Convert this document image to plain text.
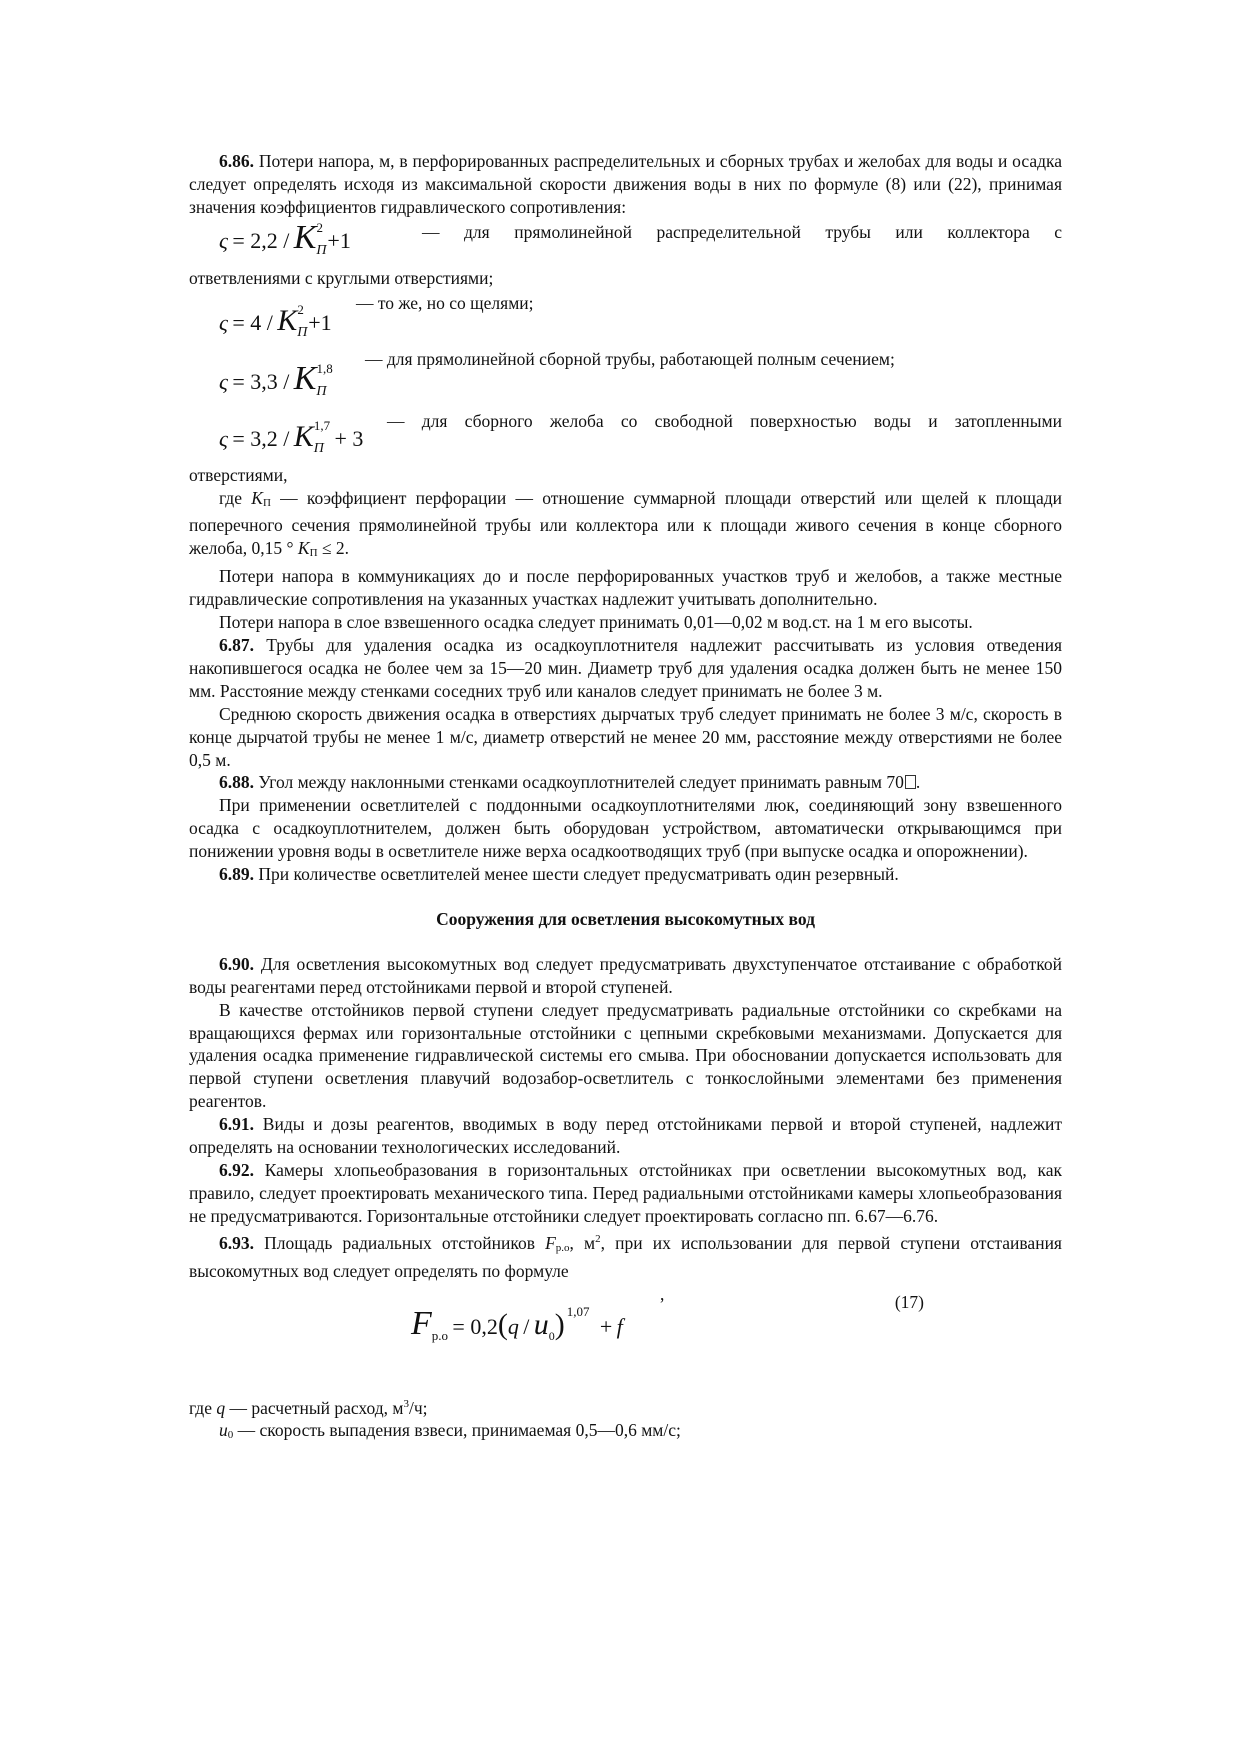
6.86. Потери напора, м, в перфорированных распределительных и сборных трубах и желобах для воды и осадка следует определять исходя из максимальной скорости движения воды в них по формуле (8) или (22), принимая значения коэффициентов гидравлического сопротивления:

— для прямолинейной распределительной трубы или коллектора с
$\varsigma = 2,2 / K_П^2 +1$

ответвлениями с круглыми отверстиями;

— то же, но со щелями;
$\varsigma = 4 / K_П^2 +1$
— для прямолинейной сборной трубы, работающей полным сечением;
$\varsigma = 3,3 / K_П^{1,8}$
— для сборного желоба со свободной поверхностью воды и затопленными
$\varsigma = 3,2 / K_П^{1,7} + 3$

отверстиями,

где KП — коэффициент перфорации — отношение суммарной площади отверстий или щелей к площади поперечного сечения прямолинейной трубы или коллектора или к площади живого сечения в конце сборного желоба, 0,15 ° KП ≤ 2.

Потери напора в коммуникациях до и после перфорированных участков труб и желобов, а также местные гидравлические сопротивления на указанных участках надлежит учитывать дополнительно.

Потери напора в слое взвешенного осадка следует принимать 0,01—0,02 м вод.ст. на 1 м его высоты.

6.87. Трубы для удаления осадка из осадкоуплотнителя надлежит рассчитывать из условия отведения накопившегося осадка не более чем за 15—20 мин. Диаметр труб для удаления осадка должен быть не менее 150 мм. Расстояние между стенками соседних труб или каналов следует принимать не более 3 м.

Среднюю скорость движения осадка в отверстиях дырчатых труб следует принимать не более 3 м/с, скорость в конце дырчатой трубы не менее 1 м/с, диаметр отверстий не менее 20 мм, расстояние между отверстиями не более 0,5 м.

6.88. Угол между наклонными стенками осадкоуплотнителей следует принимать равным 70 .

При применении осветлителей с поддонными осадкоуплотнителями люк, соединяющий зону взвешенного осадка с осадкоуплотнителем, должен быть оборудован устройством, автоматически открывающимся при понижении уровня воды в осветлителе ниже верха осадкоотводящих труб (при выпуске осадка и опорожнении).

6.89. При количестве осветлителей менее шести следует предусматривать один резервный.

Сооружения для осветления высокомутных вод

6.90. Для осветления высокомутных вод следует предусматривать двухступенчатое отстаивание с обработкой воды реагентами перед отстойниками первой и второй ступеней.

В качестве отстойников первой ступени следует предусматривать радиальные отстойники со скребками на вращающихся фермах или горизонтальные отстойники с цепными скребковыми механизмами. Допускается для удаления осадка применение гидравлической системы его смыва. При обосновании допускается использовать для первой ступени осветления плавучий водозабор-осветлитель с тонкослойными элементами без применения реагентов.

6.91. Виды и дозы реагентов, вводимых в воду перед отстойниками первой и второй ступеней, надлежит определять на основании технологических исследований.

6.92. Камеры хлопьеобразования в горизонтальных отстойниках при осветлении высокомутных вод, как правило, следует проектировать механического типа. Перед радиальными отстойниками камеры хлопьеобразования не предусматриваются. Горизонтальные отстойники следует проектировать согласно пп. 6.67—6.76.

6.93. Площадь радиальных отстойников Fр.о, $м^2$, при их использовании для первой ступени отстаивания высокомутных вод следует определять по формуле

,	(17)
$F_{р.о} = 0,2(q / u_0) ^{1,07} + f$

где q — расчетный расход, $м^3/ч$;

u0 — скорость выпадения взвеси, принимаемая 0,5—0,6 мм/с;
